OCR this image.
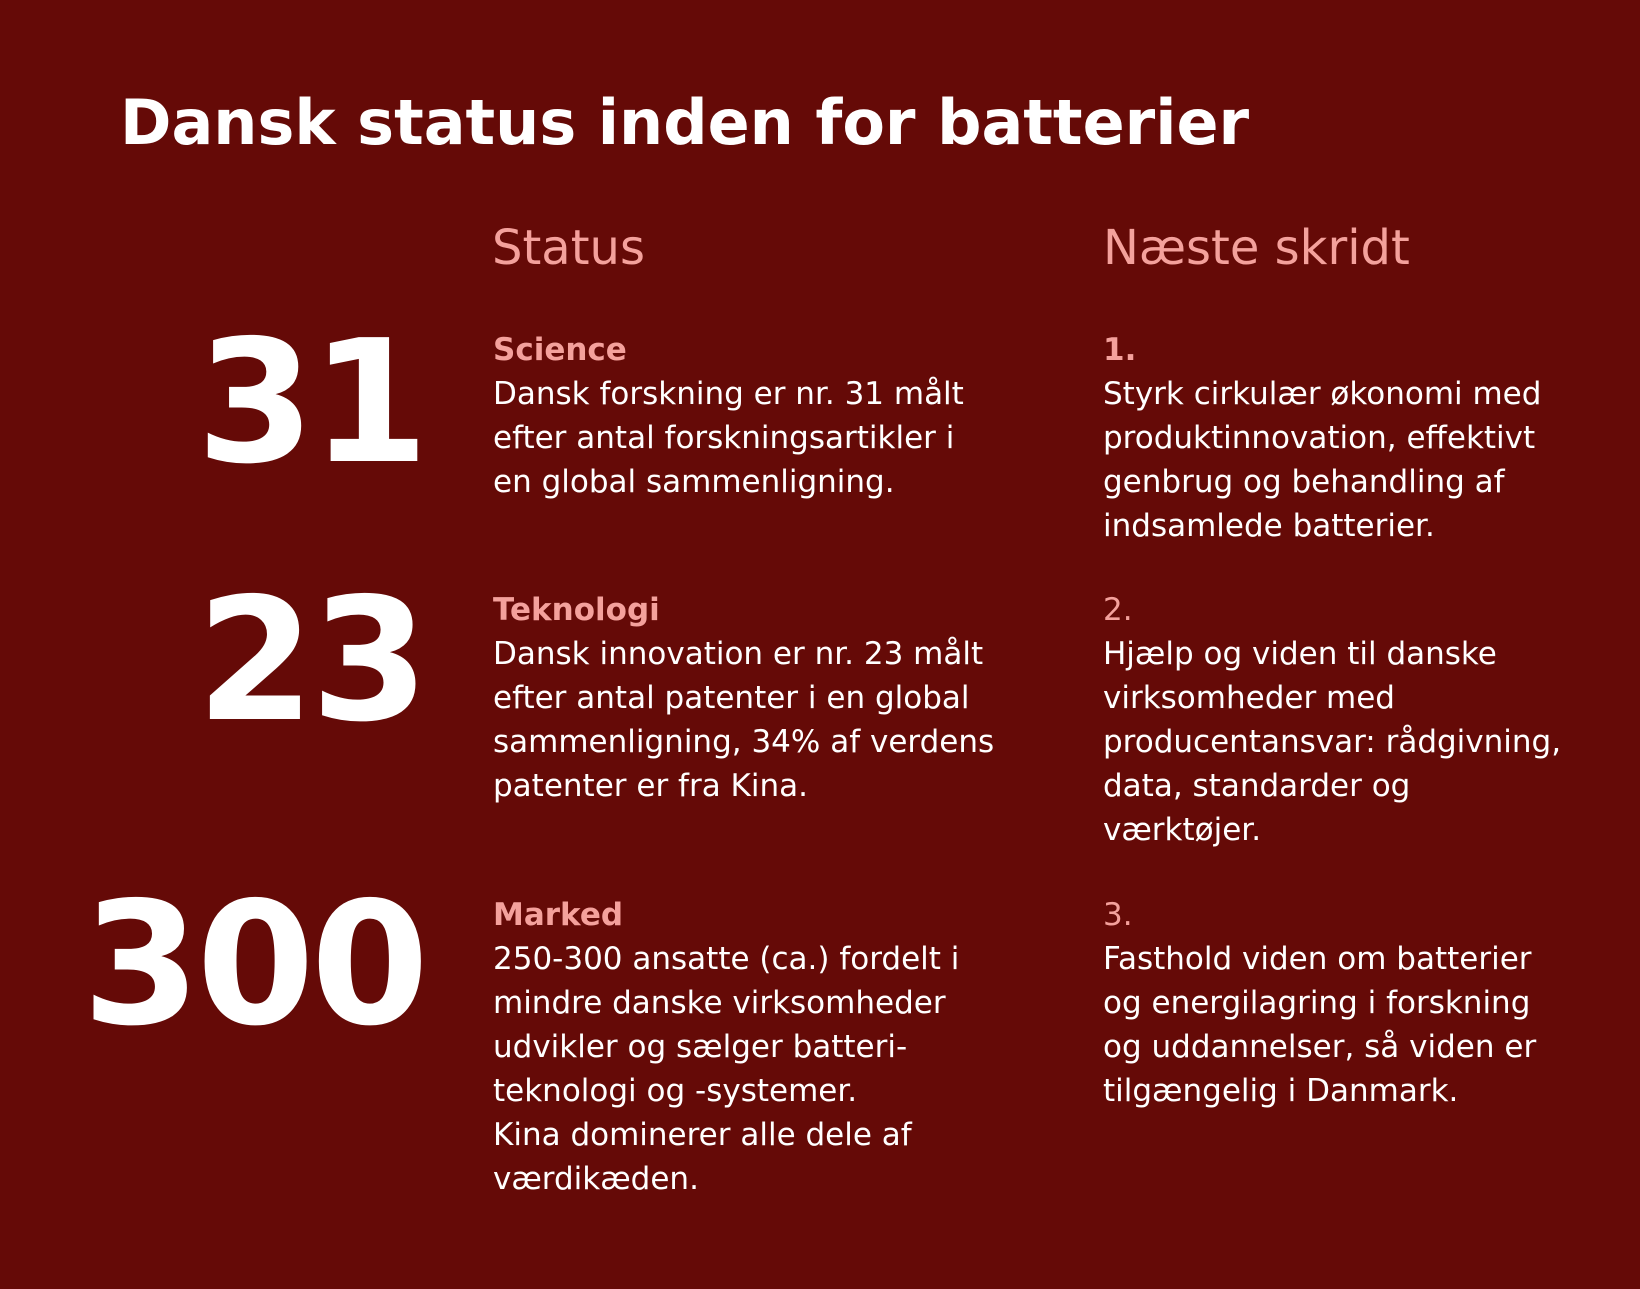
Dansk status inden for batterier
Status	Næste skridt
31 Science

Dansk forskning er nr. 31 målt
efter antal forskningsartikler i
en global sammenligning.

1.

Styrk cirkulær økonomi med
produktinnovation, effektivt
genbrug og behandling af
indsamlede batterier.

23 Teknologi

Dansk innovation er nr. 23 målt
efter antal patenter i en global
sammenligning, 34% af verdens
patenter er fra Kina.

2.

Hjælp og viden til danske
virksomheder med
producentansvar: rådgivning,
data, standarder og
værktøjer.

300 Marked

250-300 ansatte (ca.) fordelt i
mindre danske virksomheder
udvikler og sælger batteri-
teknologi og -systemer.
Kina dominerer alle dele af
værdikæden.

3.

Fasthold viden om batterier
og energilagring i forskning
og uddannelser, så viden er
tilgængelig i Danmark.
